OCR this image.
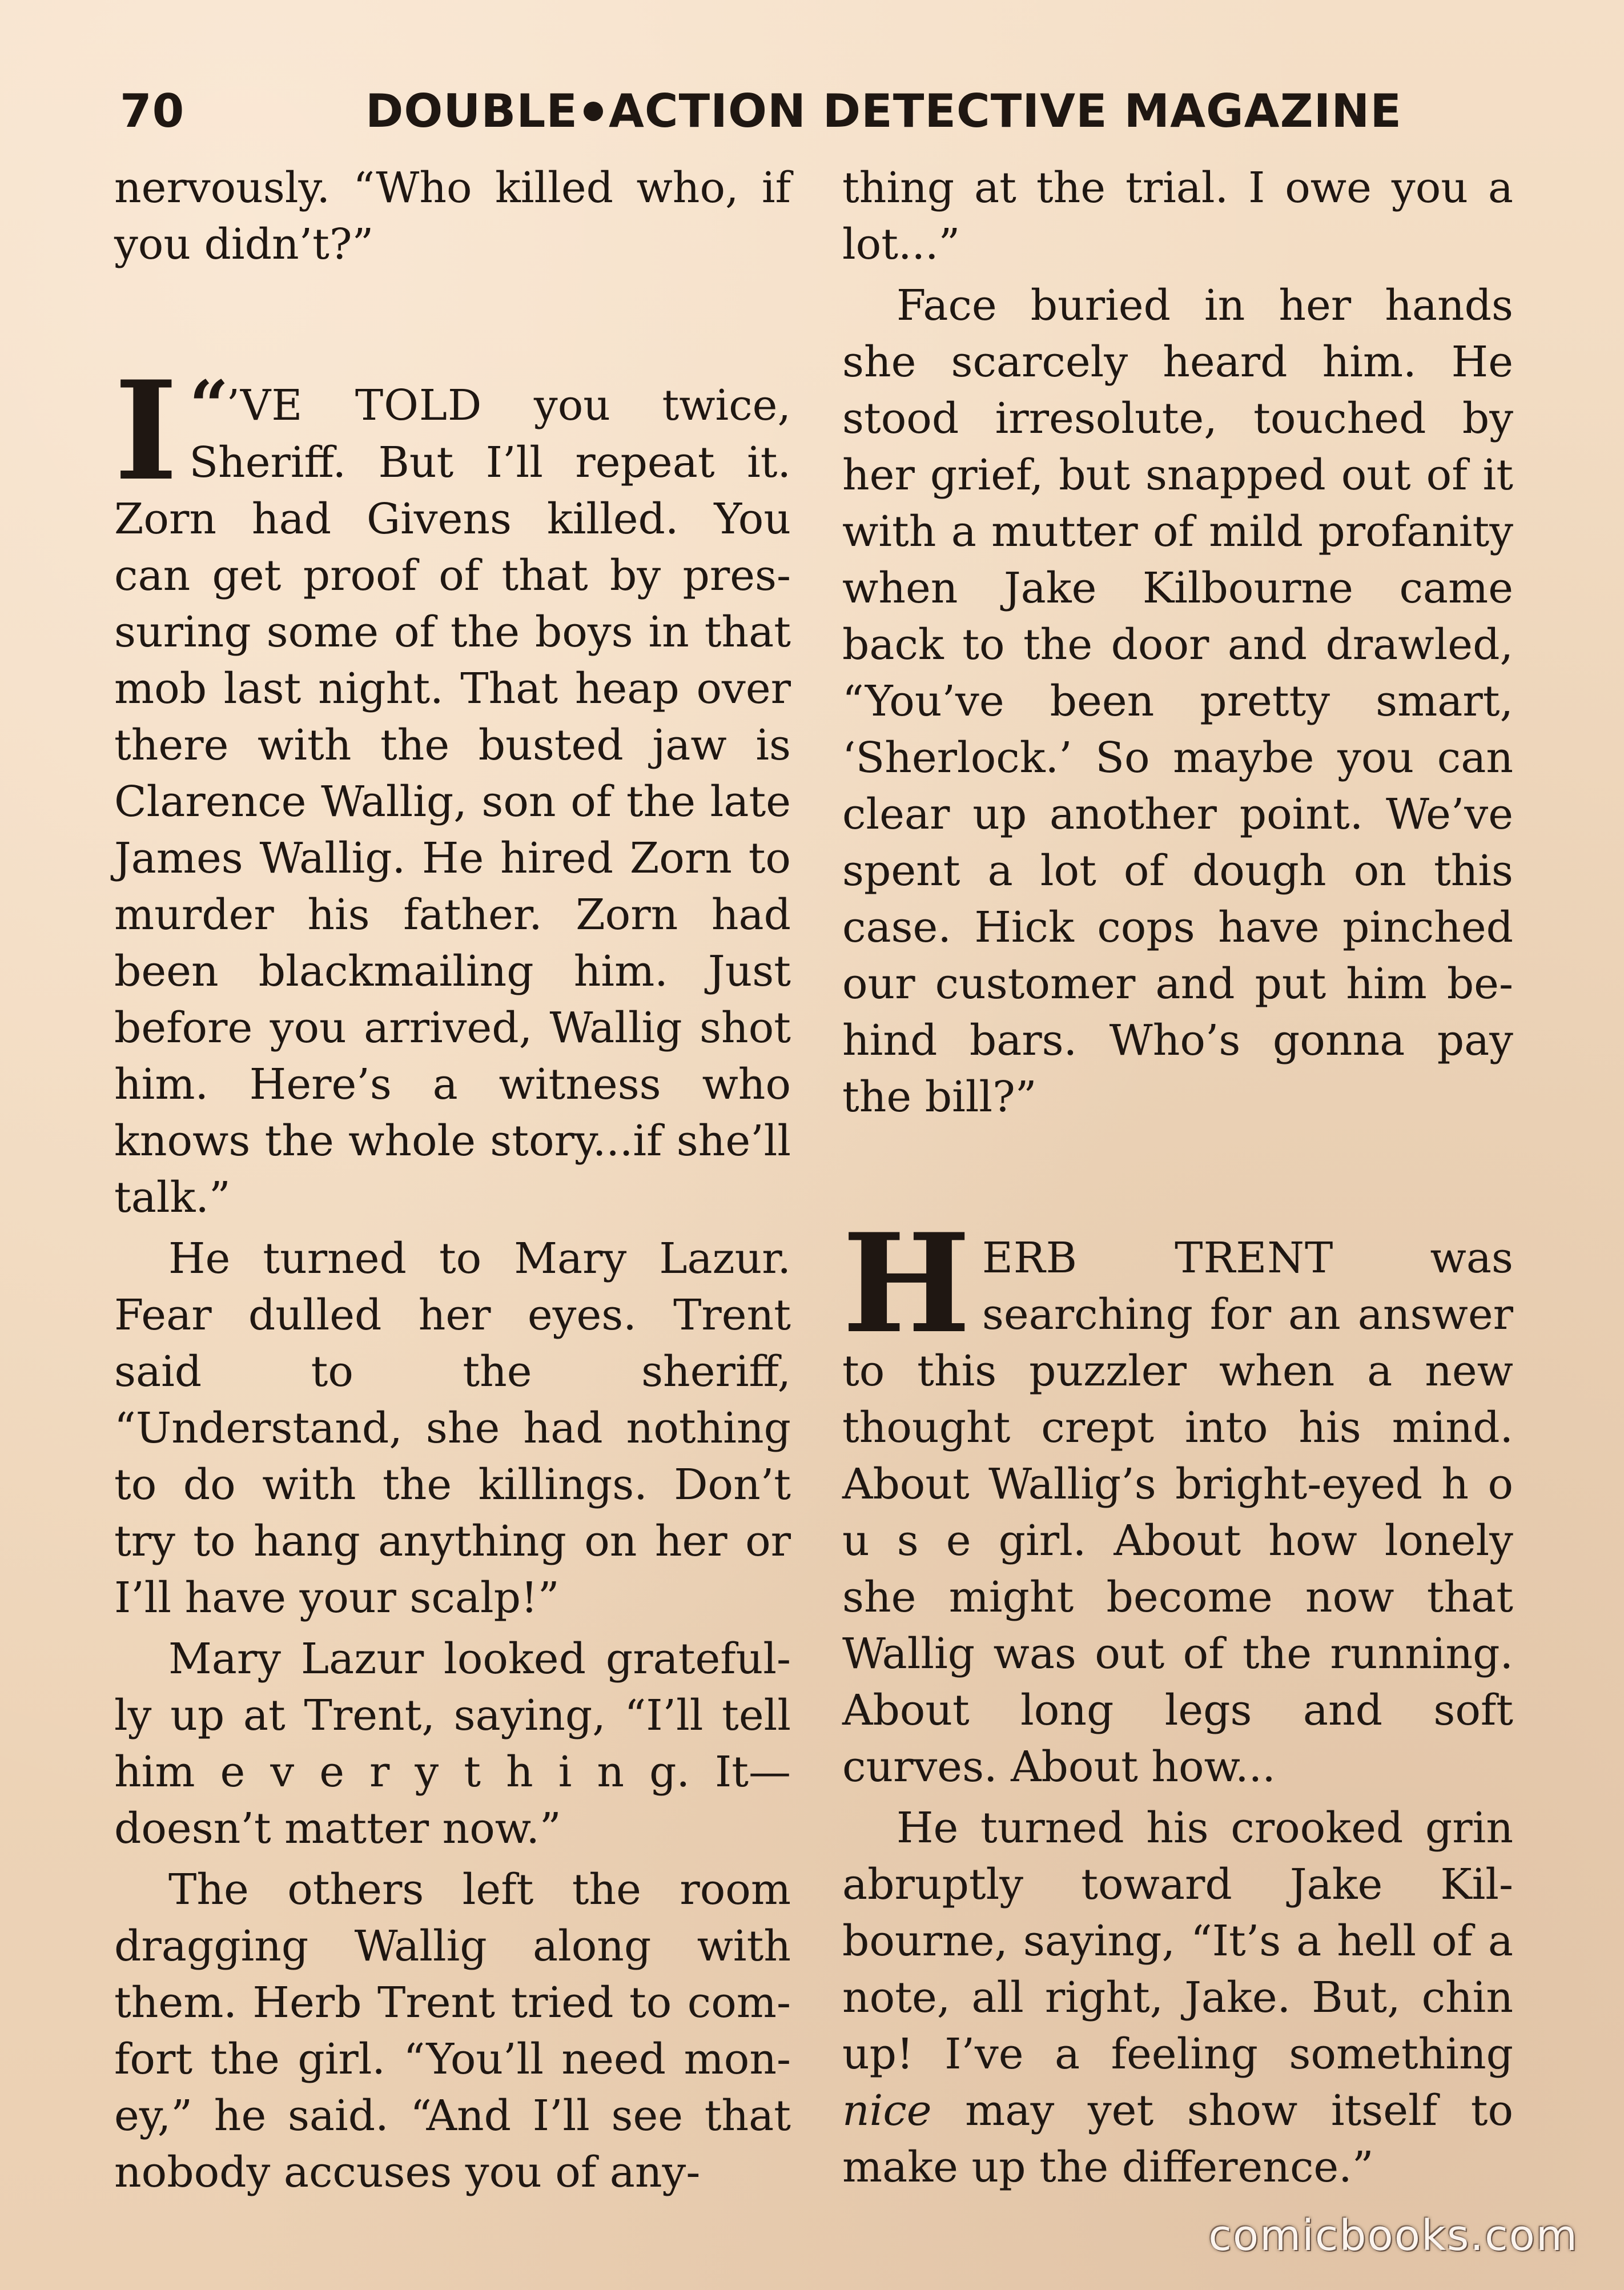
70	DOUBLE ACTION DETECTIVE MAGAZINE

nervously. “Who killed who, if you didn’t?”

“
I ’VE TOLD you twice, Sheriff. But I’ll repeat it. Zorn had Givens killed. You can get proof of that by pressuring some of the boys in that mob last night. That heap over there with the busted jaw is Clarence Wallig, son of the late James Wallig. He hired Zorn to murder his father. Zorn had been blackmailing him. Just before you arrived, Wallig shot him. Here’s a witness who knows the whole story...if she’ll talk.”

He turned to Mary Lazur. Fear dulled her eyes. Trent said to the sheriff, “Understand, she had nothing to do with the killings. Don’t try to hang anything on her or I’ll have your scalp!”

Mary Lazur looked gratefully up at Trent, saying, “I’ll tell him e v e r y t h i n g. It—doesn’t matter now.”

The others left the room dragging Wallig along with them. Herb Trent tried to comfort the girl. “You’ll need money,” he said. “And I’ll see that nobody accuses you of any-

thing at the trial. I owe you a lot...”

Face buried in her hands she scarcely heard him. He stood irresolute, touched by her grief, but snapped out of it with a mutter of mild profanity when Jake Kilbourne came back to the door and drawled, “You’ve been pretty smart, ‘Sherlock.’ So maybe you can clear up another point. We’ve spent a lot of dough on this case. Hick cops have pinched our customer and put him behind bars. Who’s gonna pay the bill?”

HERB TRENT was searching for an answer to this puzzler when a new thought crept into his mind. About Wallig’s bright-eyed h o u s e girl. About how lonely she might become now that Wallig was out of the running. About long legs and soft curves. About how...

He turned his crooked grin abruptly toward Jake Kilbourne, saying, “It’s a hell of a note, all right, Jake. But, chin up! I’ve a feeling something nice may yet show itself to make up the difference.”

comicbooks.com
